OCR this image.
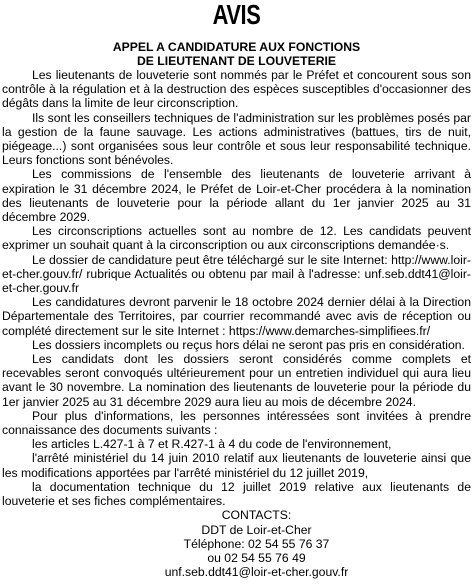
AVIS
APPEL A CANDIDATURE AUX FONCTIONS
DE LIEUTENANT DE LOUVETERIE

Les lieutenants de louveterie sont nommés par le Préfet et concourent sous son contrôle à la régulation et à la destruction des espèces susceptibles d'occasionner des dégâts dans la limite de leur circonscription.

Ils sont les conseillers techniques de l'administration sur les problèmes posés par la gestion de la faune sauvage. Les actions administratives (battues, tirs de nuit, piégeage...) sont organisées sous leur contrôle et sous leur responsabilité technique. Leurs fonctions sont bénévoles.

Les commissions de l'ensemble des lieutenants de louveterie arrivant à expiration le 31 décembre 2024, le Préfet de Loir-et-Cher procédera à la nomination des lieutenants de louveterie pour la période allant du 1er janvier 2025 au 31 décembre 2029.

Les circonscriptions actuelles sont au nombre de 12. Les candidats peuvent exprimer un souhait quant à la circonscription ou aux circonscriptions demandée·s.

Le dossier de candidature peut être téléchargé sur le site Internet: http://www.loir-et-cher.gouv.fr/ rubrique Actualités ou obtenu par mail à l'adresse: unf.seb.ddt41@loir-et-cher.gouv.fr

Les candidatures devront parvenir le 18 octobre 2024 dernier délai à la Direction Départementale des Territoires, par courrier recommandé avec avis de réception ou complété directement sur le site Internet : https://www.demarches-simplifiees.fr/

Les dossiers incomplets ou reçus hors délai ne seront pas pris en considération.

Les candidats dont les dossiers seront considérés comme complets et recevables seront convoqués ultérieurement pour un entretien individuel qui aura lieu avant le 30 novembre. La nomination des lieutenants de louveterie pour la période du 1er janvier 2025 au 31 décembre 2029 aura lieu au mois de décembre 2024.

Pour plus d'informations, les personnes intéressées sont invitées à prendre connaissance des documents suivants :

les articles L.427-1 à 7 et R.427-1 à 4 du code de l'environnement,

l'arrêté ministériel du 14 juin 2010 relatif aux lieutenants de louveterie ainsi que les modifications apportées par l'arrêté ministériel du 12 juillet 2019,

la documentation technique du 12 juillet 2019 relative aux lieutenants de louveterie et ses fiches complémentaires.

CONTACTS:
DDT de Loir-et-Cher
Téléphone: 02 54 55 76 37
ou 02 54 55 76 49
unf.seb.ddt41@loir-et-cher.gouv.fr
